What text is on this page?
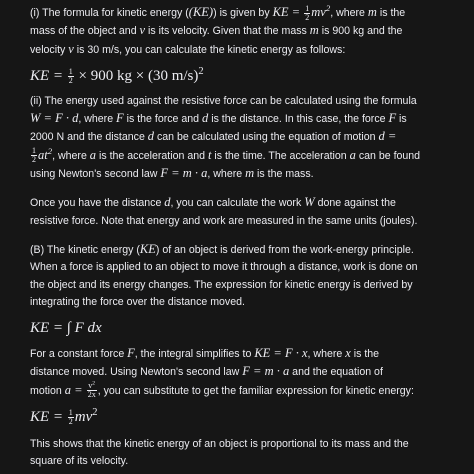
(i) The formula for kinetic energy ((KE)) is given by KE = $\frac{1}{2} mv^2$, where m is the
mass of the object and v is its velocity. Given that the mass m is 900 kg and the
velocity v is 30 m/s, you can calculate the kinetic energy as follows:

KE = $\frac{1}{2} \times 900$ kg × (30 m/s)$^2$

(ii) The energy used against the resistive force can be calculated using the formula
W = F · d, where F is the force and d is the distance. In this case, the force F is
2000 N and the distance d can be calculated using the equation of motion d =

$\frac{1}{2} at^2$, where a is the acceleration and t is the time. The acceleration a can be found
using Newton's second law F = m · a, where m is the mass.

Once you have the distance d, you can calculate the work W done against the
resistive force. Note that energy and work are measured in the same units (joules).

(B) The kinetic energy (KE) of an object is derived from the work-energy principle.
When a force is applied to an object to move it through a distance, work is done on
the object and its energy changes. The expression for kinetic energy is derived by
integrating the force over the distance moved.

KE = ∫ F dx

For a constant force F, the integral simplifies to KE = F · x, where x is the
distance moved. Using Newton's second law F = m · a and the equation of
motion $a = \frac{v^2}{2x}$ , you can substitute to get the familiar expression for kinetic energy:

KE = $\frac{1}{2} mv^2$

This shows that the kinetic energy of an object is proportional to its mass and the
square of its velocity.
